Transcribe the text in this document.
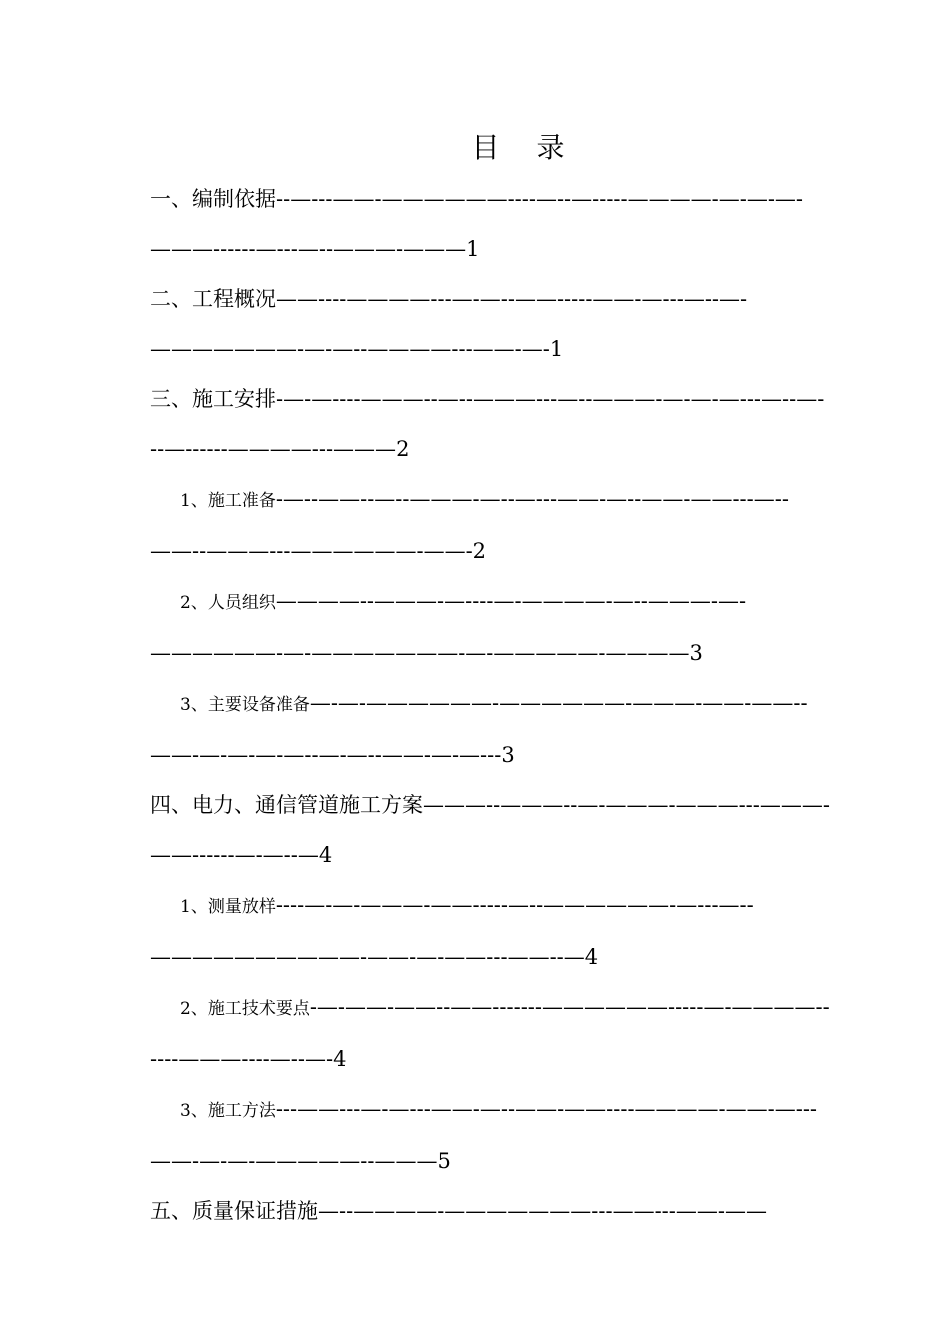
目 录
一、编制依据--—---——-——————----—--—-----————-—-—-—-———------—---—--———-———1
二、工程概况——----————---—-—--——-----——-—---—--—-———————-—-—--————---——-—-1
三、施工安排-—-—----———--—--———---—--———-—-—-—---—--—---—------————---———2
1、施工准备-—--——--—--———-—--—---——-—--——-——---—--——--———---——————-——-2
2、人员组织————--———-—----—-————-—--———-—-——————-—-———————-—-—————-————3
3、主要设备准备—-—-——————-——————-———-——-——--——-—-—-—-—--—-—--——-—-—---3
四、电力、通信管道施工方案———--———--—-———-———---———-——------—-—--—4
1、测量放样----—-—-———-——-----—--——————-—---—--——————————-——-—-——---——--—4
2、施工技术要点-—-——-——--——-------——————-----—-————------———----—--—-4
3、施工方法---——---—-—---——-—--——-——----————-——-—---——-—-—-—————--———5
五、质量保证措施—--————-———————---——---——-——
